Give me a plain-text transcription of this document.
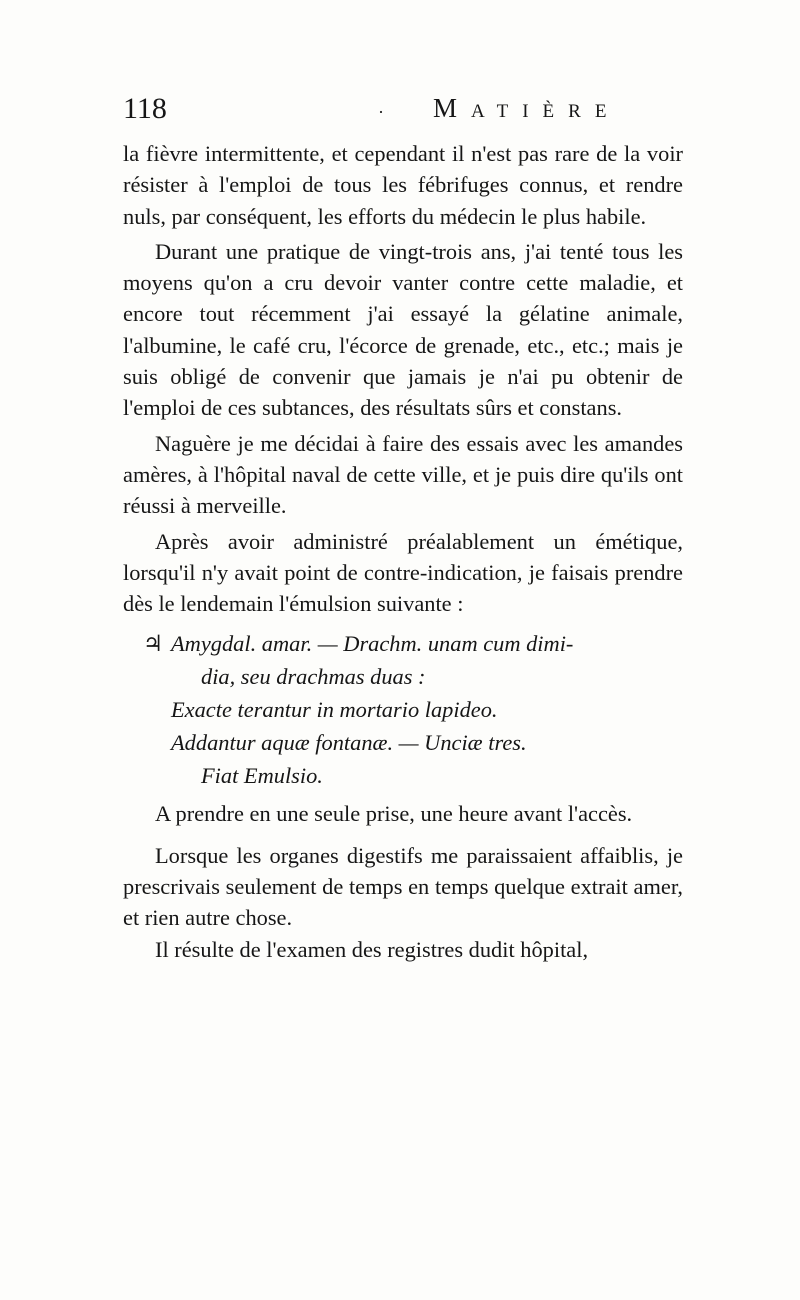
118	· Matière

la fièvre intermittente, et cependant il n'est pas rare de la voir résister à l'emploi de tous les fébrifuges connus, et rendre nuls, par conséquent, les efforts du médecin le plus habile.

Durant une pratique de vingt-trois ans, j'ai tenté tous les moyens qu'on a cru devoir vanter contre cette maladie, et encore tout récemment j'ai essayé la gélatine animale, l'albumine, le café cru, l'écorce de grenade, etc., etc.; mais je suis obligé de convenir que jamais je n'ai pu obtenir de l'emploi de ces subtances, des résultats sûrs et constans.

Naguère je me décidai à faire des essais avec les amandes amères, à l'hôpital naval de cette ville, et je puis dire qu'ils ont réussi à merveille.

Après avoir administré préalablement un émétique, lorsqu'il n'y avait point de contre-indication, je faisais prendre dès le lendemain l'émulsion suivante :

♃ Amygdal. amar. — Drachm. unam cum dimi-
dia, seu drachmas duas :
Exacte terantur in mortario lapideo.
Addantur aquæ fontanæ. — Unciæ tres.
Fiat Emulsio.

A prendre en une seule prise, une heure avant l'accès.

Lorsque les organes digestifs me paraissaient affaiblis, je prescrivais seulement de temps en temps quelque extrait amer, et rien autre chose.

Il résulte de l'examen des registres dudit hôpital,
